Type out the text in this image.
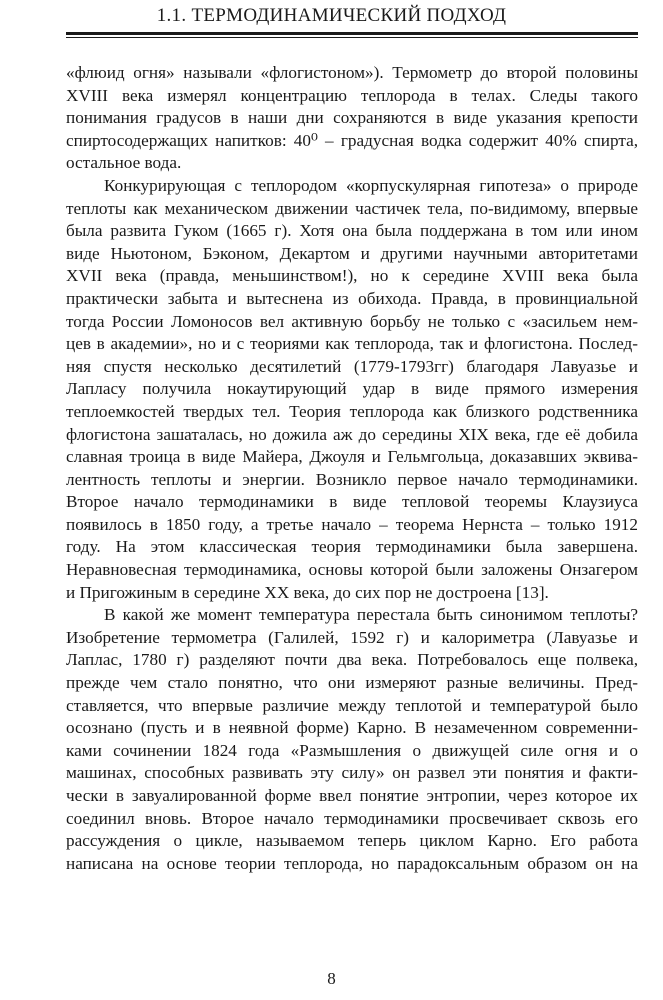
1.1. ТЕРМОДИНАМИЧЕСКИЙ ПОДХОД

«флюид огня» называли «флогистоном»). Термометр до второй половины
XVIII века измерял концентрацию теплорода в телах. Следы такого
понимания градусов в наши дни сохраняются в виде указания крепости
спиртосодержащих напитков: 40⁰ – градусная водка содержит 40% спирта,
остальное вода.

Конкурирующая с теплородом «корпускулярная гипотеза» о природе
теплоты как механическом движении частичек тела, по-видимому, впервые
была развита Гуком (1665 г). Хотя она была поддержана в том или ином
виде Ньютоном, Бэконом, Декартом и другими научными авторитетами
XVII века (правда, меньшинством!), но к середине XVIII века была
практически забыта и вытеснена из обихода. Правда, в провинциальной
тогда России Ломоносов вел активную борьбу не только с «засильем нем-
цев в академии», но и с теориями как теплорода, так и флогистона. Послед-
няя спустя несколько десятилетий (1779-1793гг) благодаря Лавуазье и
Лапласу получила нокаутирующий удар в виде прямого измерения
теплоемкостей твердых тел. Теория теплорода как близкого родственника
флогистона зашаталась, но дожила аж до середины XIX века, где её добила
славная троица в виде Майера, Джоуля и Гельмгольца, доказавших эквива-
лентность теплоты и энергии. Возникло первое начало термодинамики.
Второе начало термодинамики в виде тепловой теоремы Клаузиуса
появилось в 1850 году, а третье начало – теорема Нернста – только 1912
году. На этом классическая теория термодинамики была завершена.
Неравновесная термодинамика, основы которой были заложены Онзагером
и Пригожиным в середине XX века, до сих пор не достроена [13].

В какой же момент температура перестала быть синонимом теплоты?
Изобретение термометра (Галилей, 1592 г) и калориметра (Лавуазье и
Лаплас, 1780 г) разделяют почти два века. Потребовалось еще полвека,
прежде чем стало понятно, что они измеряют разные величины. Пред-
ставляется, что впервые различие между теплотой и температурой было
осознано (пусть и в неявной форме) Карно. В незамеченном современни-
ками сочинении 1824 года «Размышления о движущей силе огня и о
машинах, способных развивать эту силу» он развел эти понятия и факти-
чески в завуалированной форме ввел понятие энтропии, через которое их
соединил вновь. Второе начало термодинамики просвечивает сквозь его
рассуждения о цикле, называемом теперь циклом Карно. Его работа
написана на основе теории теплорода, но парадоксальным образом он на

8
